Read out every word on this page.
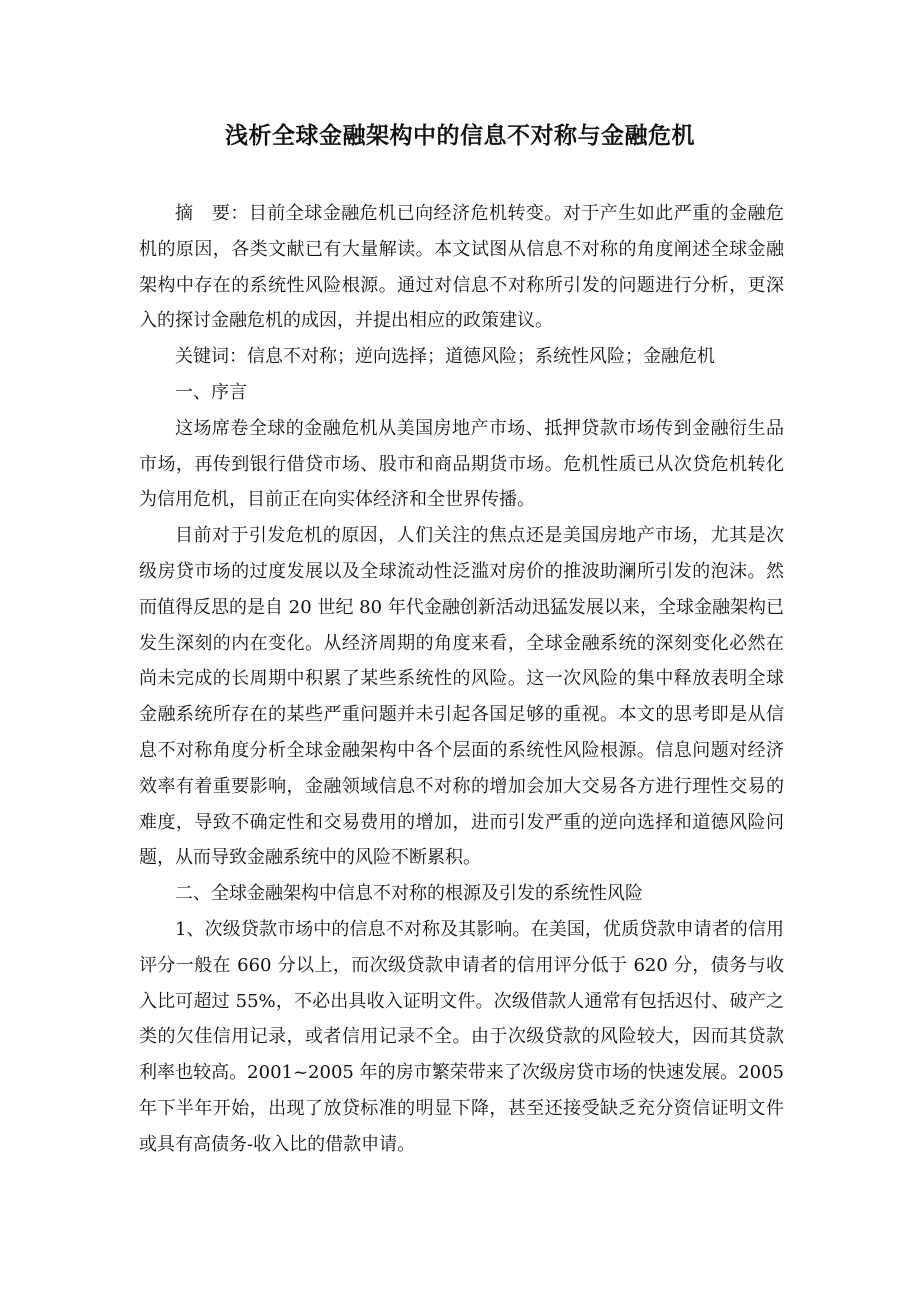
浅析全球金融架构中的信息不对称与金融危机

摘　要：目前全球金融危机已向经济危机转变。对于产生如此严重的金融危机的原因，各类文献已有大量解读。本文试图从信息不对称的角度阐述全球金融架构中存在的系统性风险根源。通过对信息不对称所引发的问题进行分析，更深入的探讨金融危机的成因，并提出相应的政策建议。

关键词：信息不对称；逆向选择；道德风险；系统性风险；金融危机

一、序言

这场席卷全球的金融危机从美国房地产市场、抵押贷款市场传到金融衍生品市场，再传到银行借贷市场、股市和商品期货市场。危机性质已从次贷危机转化为信用危机，目前正在向实体经济和全世界传播。

目前对于引发危机的原因，人们关注的焦点还是美国房地产市场，尤其是次级房贷市场的过度发展以及全球流动性泛滥对房价的推波助澜所引发的泡沫。然而值得反思的是自 20 世纪 80 年代金融创新活动迅猛发展以来，全球金融架构已发生深刻的内在变化。从经济周期的角度来看，全球金融系统的深刻变化必然在尚未完成的长周期中积累了某些系统性的风险。这一次风险的集中释放表明全球金融系统所存在的某些严重问题并未引起各国足够的重视。本文的思考即是从信息不对称角度分析全球金融架构中各个层面的系统性风险根源。信息问题对经济效率有着重要影响，金融领域信息不对称的增加会加大交易各方进行理性交易的难度，导致不确定性和交易费用的增加，进而引发严重的逆向选择和道德风险问题，从而导致金融系统中的风险不断累积。

二、全球金融架构中信息不对称的根源及引发的系统性风险

1、次级贷款市场中的信息不对称及其影响。在美国，优质贷款申请者的信用评分一般在 660 分以上，而次级贷款申请者的信用评分低于 620 分，债务与收入比可超过 55%，不必出具收入证明文件。次级借款人通常有包括迟付、破产之类的欠佳信用记录，或者信用记录不全。由于次级贷款的风险较大，因而其贷款利率也较高。2001~2005 年的房市繁荣带来了次级房贷市场的快速发展。2005 年下半年开始，出现了放贷标准的明显下降，甚至还接受缺乏充分资信证明文件或具有高债务-收入比的借款申请。
